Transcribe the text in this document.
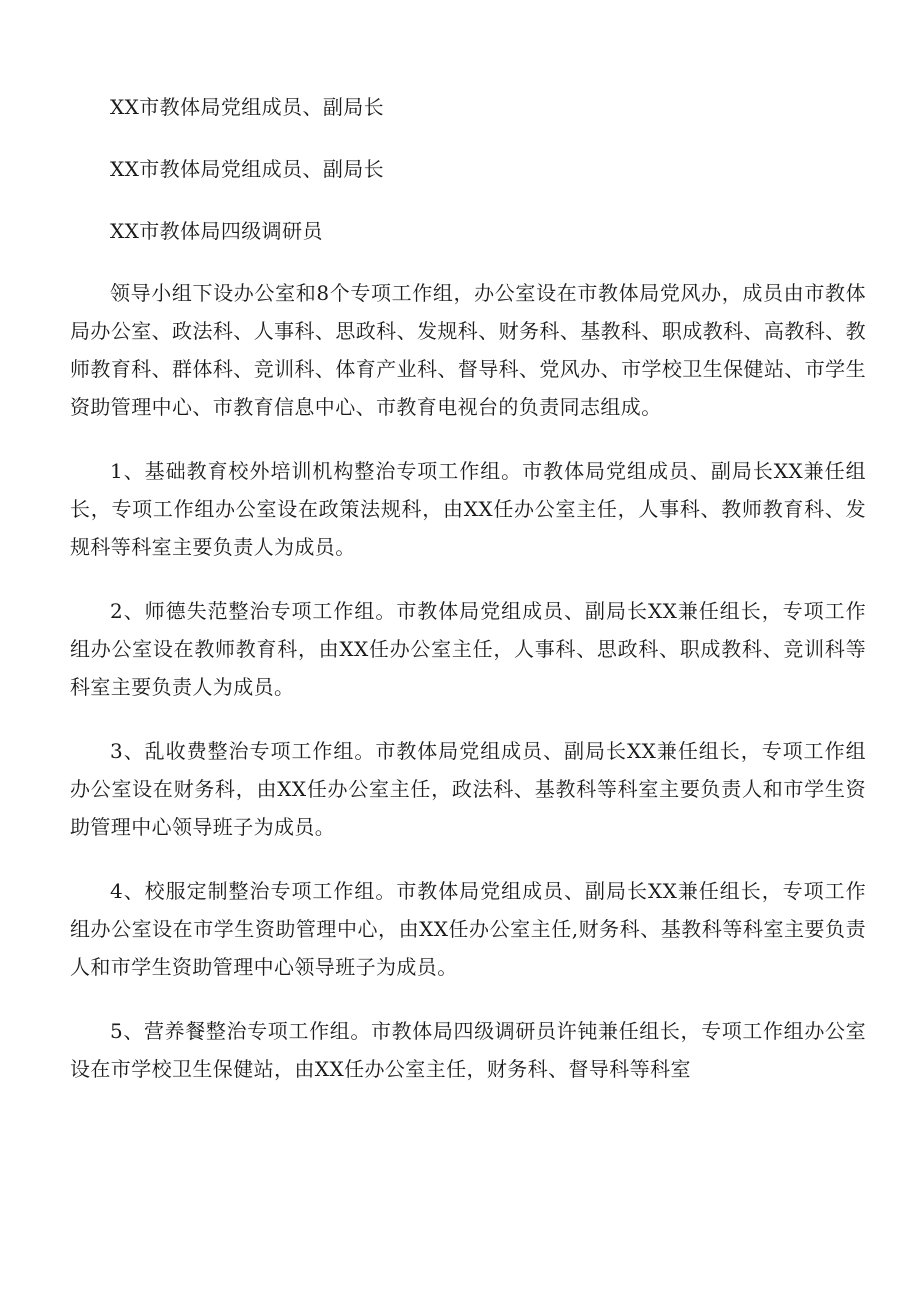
XX市教体局党组成员、副局长

XX市教体局党组成员、副局长

XX市教体局四级调研员

领导小组下设办公室和8个专项工作组，办公室设在市教体局党风办，成员由市教体局办公室、政法科、人事科、思政科、发规科、财务科、基教科、职成教科、高教科、教师教育科、群体科、竞训科、体育产业科、督导科、党风办、市学校卫生保健站、市学生资助管理中心、市教育信息中心、市教育电视台的负责同志组成。

1、基础教育校外培训机构整治专项工作组。市教体局党组成员、副局长XX兼任组长，专项工作组办公室设在政策法规科，由XX任办公室主任，人事科、教师教育科、发规科等科室主要负责人为成员。

2、师德失范整治专项工作组。市教体局党组成员、副局长XX兼任组长，专项工作组办公室设在教师教育科，由XX任办公室主任，人事科、思政科、职成教科、竞训科等科室主要负责人为成员。

3、乱收费整治专项工作组。市教体局党组成员、副局长XX兼任组长，专项工作组办公室设在财务科，由XX任办公室主任，政法科、基教科等科室主要负责人和市学生资助管理中心领导班子为成员。

4、校服定制整治专项工作组。市教体局党组成员、副局长XX兼任组长，专项工作组办公室设在市学生资助管理中心，由XX任办公室主任,财务科、基教科等科室主要负责人和市学生资助管理中心领导班子为成员。

5、营养餐整治专项工作组。市教体局四级调研员许钝兼任组长，专项工作组办公室设在市学校卫生保健站，由XX任办公室主任，财务科、督导科等科室
